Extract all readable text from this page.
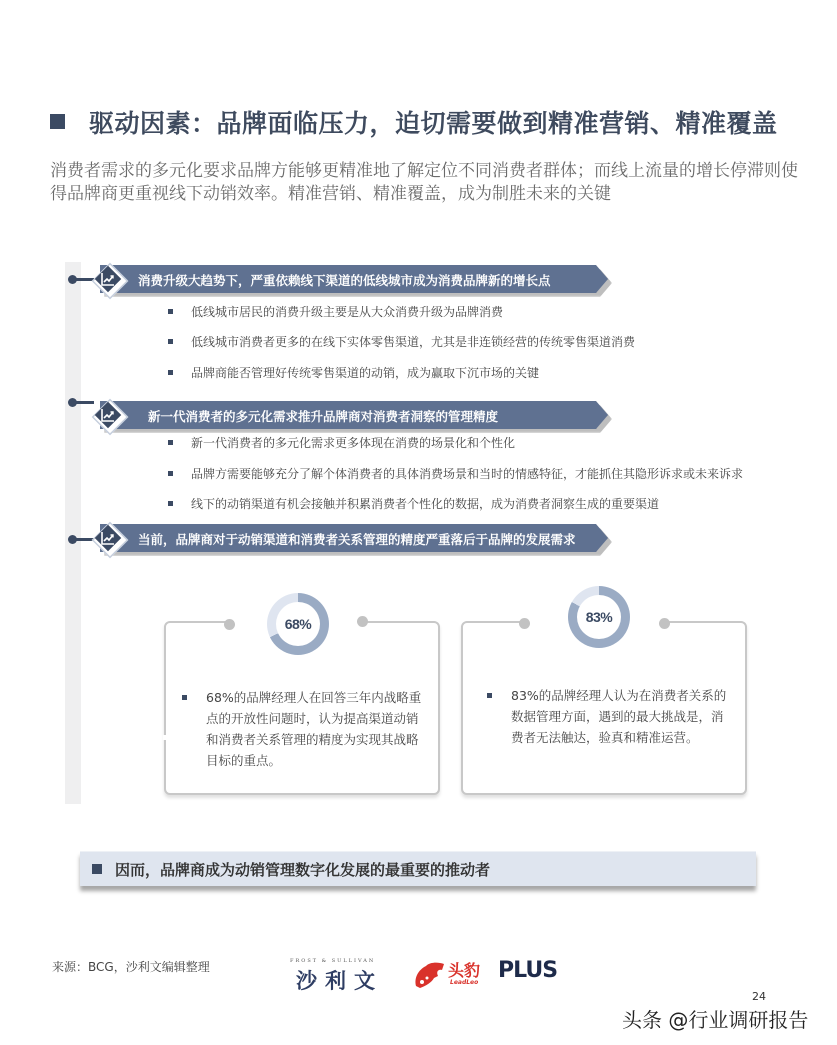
驱动因素：品牌面临压力，迫切需要做到精准营销、精准覆盖
消费者需求的多元化要求品牌方能够更精准地了解定位不同消费者群体；而线上流量的增长停滞则使得品牌商更重视线下动销效率。精准营销、精准覆盖，成为制胜未来的关键
消费升级大趋势下，严重依赖线下渠道的低线城市成为消费品牌新的增长点
低线城市居民的消费升级主要是从大众消费升级为品牌消费
低线城市消费者更多的在线下实体零售渠道，尤其是非连锁经营的传统零售渠道消费
品牌商能否管理好传统零售渠道的动销，成为赢取下沉市场的关键
新一代消费者的多元化需求推升品牌商对消费者洞察的管理精度
新一代消费者的多元化需求更多体现在消费的场景化和个性化
品牌方需要能够充分了解个体消费者的具体消费场景和当时的情感特征，才能抓住其隐形诉求或未来诉求
线下的动销渠道有机会接触并积累消费者个性化的数据，成为消费者洞察生成的重要渠道
当前，品牌商对于动销渠道和消费者关系管理的精度严重落后于品牌的发展需求
68%的品牌经理人在回答三年内战略重点的开放性问题时，认为提高渠道动销和消费者关系管理的精度为实现其战略目标的重点。
68%
83%的品牌经理人认为在消费者关系的数据管理方面，遇到的最大挑战是，消费者无法触达，验真和精准运营。
83%
因而，品牌商成为动销管理数字化发展的最重要的推动者
来源：BCG，沙利文编辑整理	FROST & SULLIVAN
沙利文	头豹
LeadLeo PLUS
24
头条 @行业调研报告
